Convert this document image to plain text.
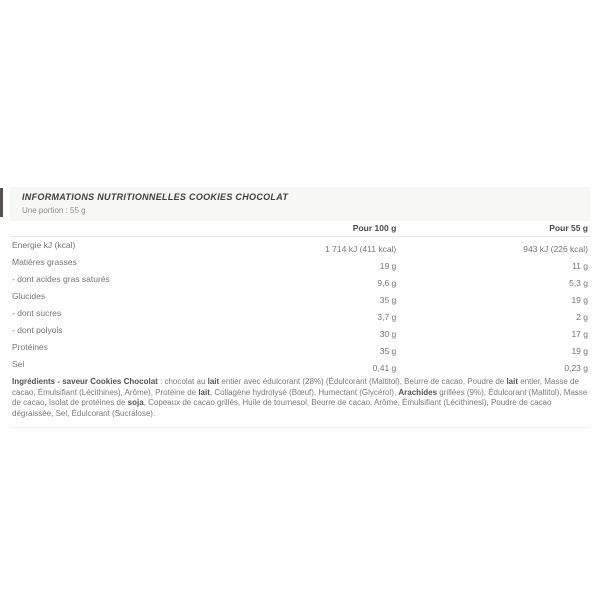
INFORMATIONS NUTRITIONNELLES COOKIES CHOCOLAT
Une portion : 55 g
	Pour 100 g	Pour 55 g
Energie kJ (kcal)	1 714 kJ (411 kcal)	943 kJ (226 kcal)
Matières grasses	19 g	11 g
- dont acides gras saturés	9,6 g	5,3 g
Glucides	35 g	19 g
- dont sucres	3,7 g	2 g
- dont polyols	30 g	17 g
Protéines	35 g	19 g
Sel	0,41 g	0,23 g

Ingrédients - saveur Cookies Chocolat : chocolat au lait entier avec édulcorant (28%) (Édulcorant (Maltitol), Beurre de cacao, Poudre de lait entier, Masse de cacao, Émulsifiant (Lécithines), Arôme), Protéine de lait, Collagène hydrolysé (Bœuf), Humectant (Glycérol), Arachides grillées (9%), Édulcorant (Maltitol), Masse de cacao, Isolat de protéines de soja, Copeaux de cacao grillés, Huile de tournesol, Beurre de cacao, Arôme, Émulsifiant (Lécithinesl), Poudre de cacao dégraissée, Sel, Édulcorant (Sucralose).
